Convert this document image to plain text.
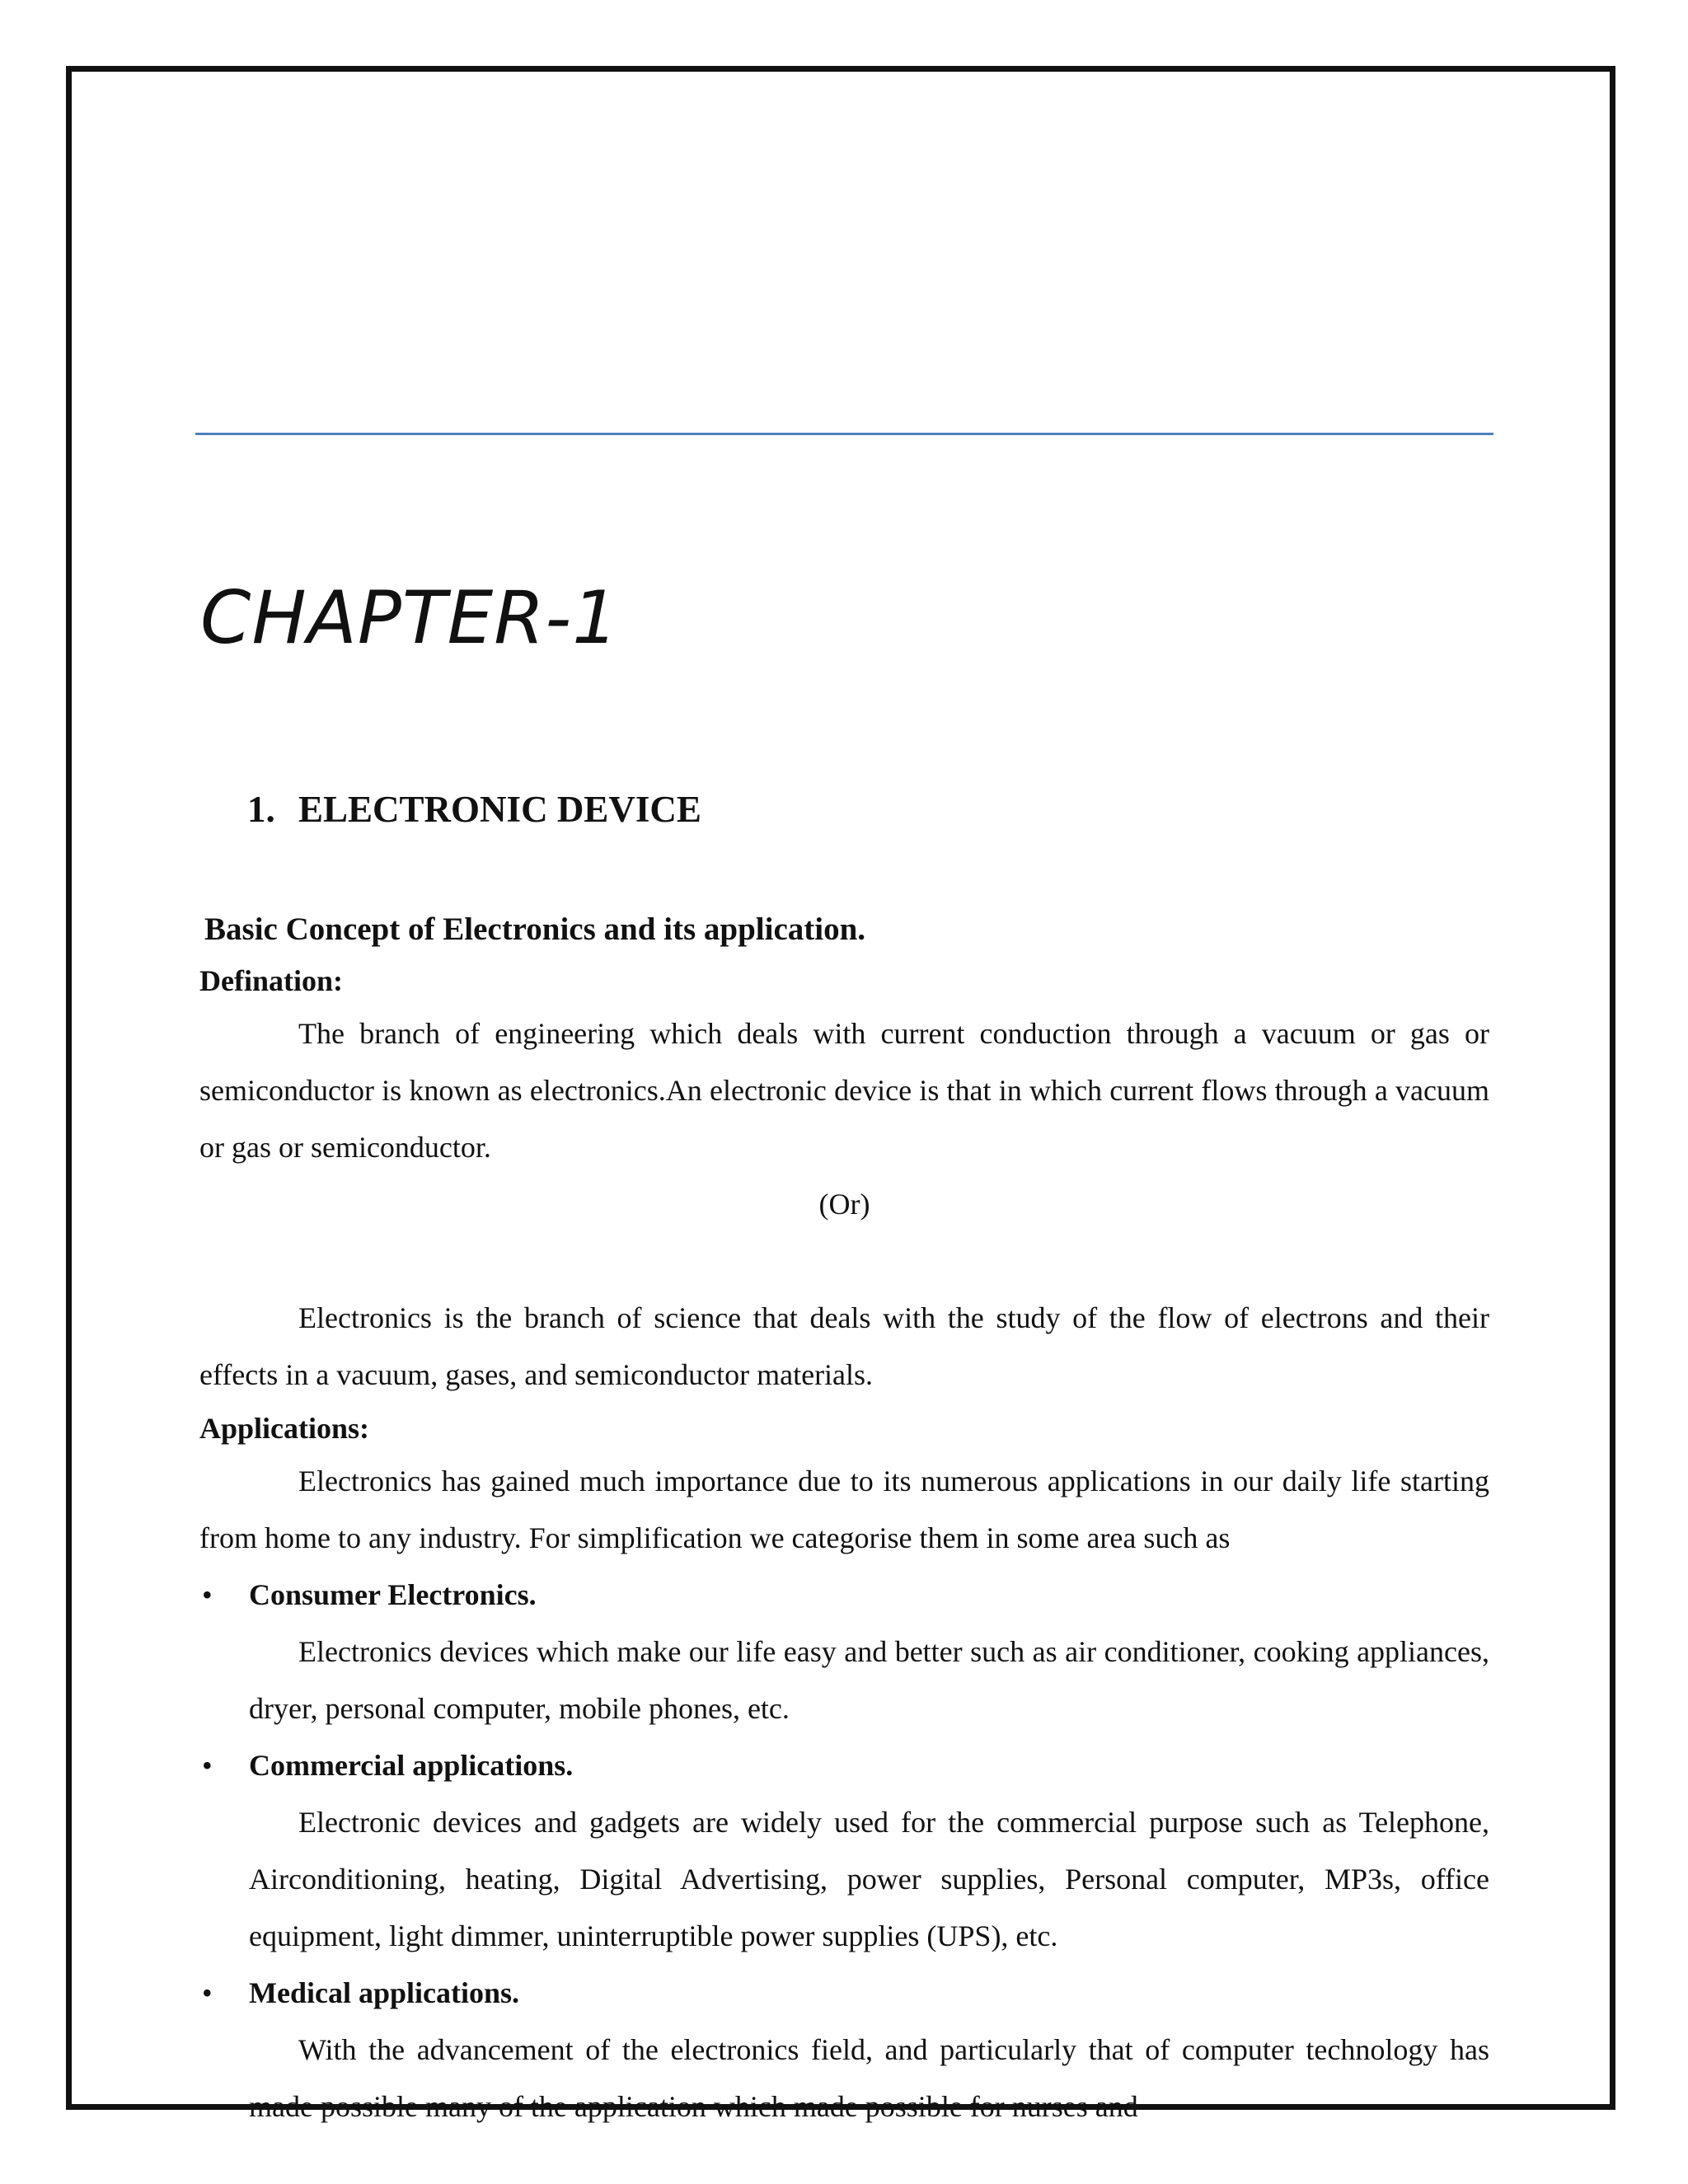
CHAPTER-1
1. ELECTRONIC DEVICE
Basic Concept of Electronics and its application.
Defination:

The branch of engineering which deals with current conduction through a vacuum or gas or semiconductor is known as electronics.An electronic device is that in which current flows through a vacuum or gas or semiconductor.

(Or)

Electronics is the branch of science that deals with the study of the flow of electrons and their effects in a vacuum, gases, and semiconductor materials.

Applications:

Electronics has gained much importance due to its numerous applications in our daily life starting from home to any industry. For simplification we categorise them in some area such as

• Consumer Electronics.

Electronics devices which make our life easy and better such as air conditioner, cooking appliances, dryer, personal computer, mobile phones, etc.

• Commercial applications.

Electronic devices and gadgets are widely used for the commercial purpose such as Telephone, Airconditioning, heating, Digital Advertising, power supplies, Personal computer, MP3s, office equipment, light dimmer, uninterruptible power supplies (UPS), etc.

• Medical applications.

With the advancement of the electronics field, and particularly that of computer technology has made possible many of the application which made possible for nurses and
